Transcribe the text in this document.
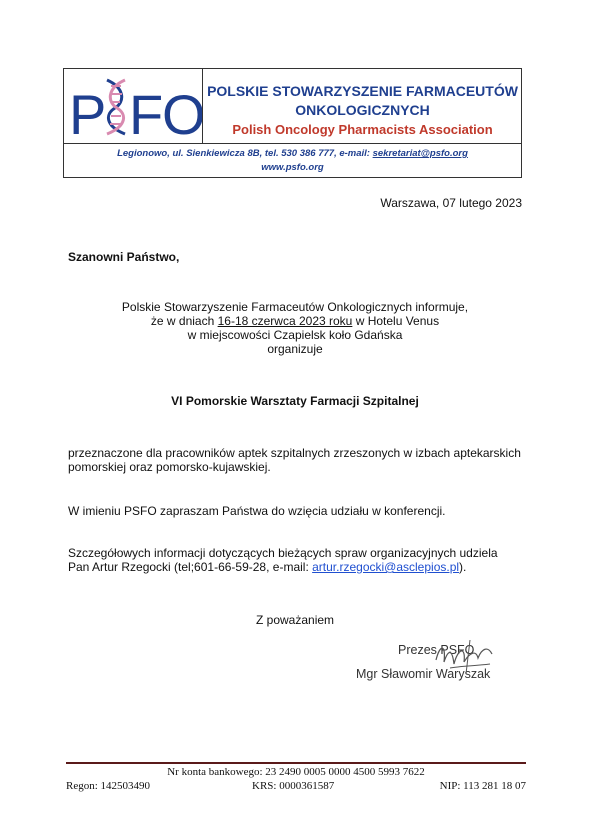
P F
O POLSKIE STOWARZYSZENIE FARMACEUTÓW
ONKOLOGICZNYCH
Polish Oncology Pharmacists Association
Legionowo, ul. Sienkiewicza 8B, tel. 530 386 777, e-mail: sekretariat@psfo.org
www.psfo.org
Warszawa, 07 lutego 2023
Szanowni Państwo,
Polskie Stowarzyszenie Farmaceutów Onkologicznych informuje,
że w dniach 16-18 czerwca 2023 roku w Hotelu Venus
w miejscowości Czapielsk koło Gdańska
organizuje
VI Pomorskie Warsztaty Farmacji Szpitalnej
przeznaczone dla pracowników aptek szpitalnych zrzeszonych w izbach aptekarskich
pomorskiej oraz pomorsko-kujawskiej.
W imieniu PSFO zapraszam Państwa do wzięcia udziału w konferencji.
Szczegółowych informacji dotyczących bieżących spraw organizacyjnych udziela
Pan Artur Rzegocki (tel;601-66-59-28, e-mail: artur.rzegocki@asclepios.pl).
Z poważaniem
Prezes PSFO
Mgr Sławomir Waryszak
Nr konta bankowego: 23 2490 0005 0000 4500 5993 7622
Regon: 142503490	KRS: 0000361587	NIP: 113 281 18 07
